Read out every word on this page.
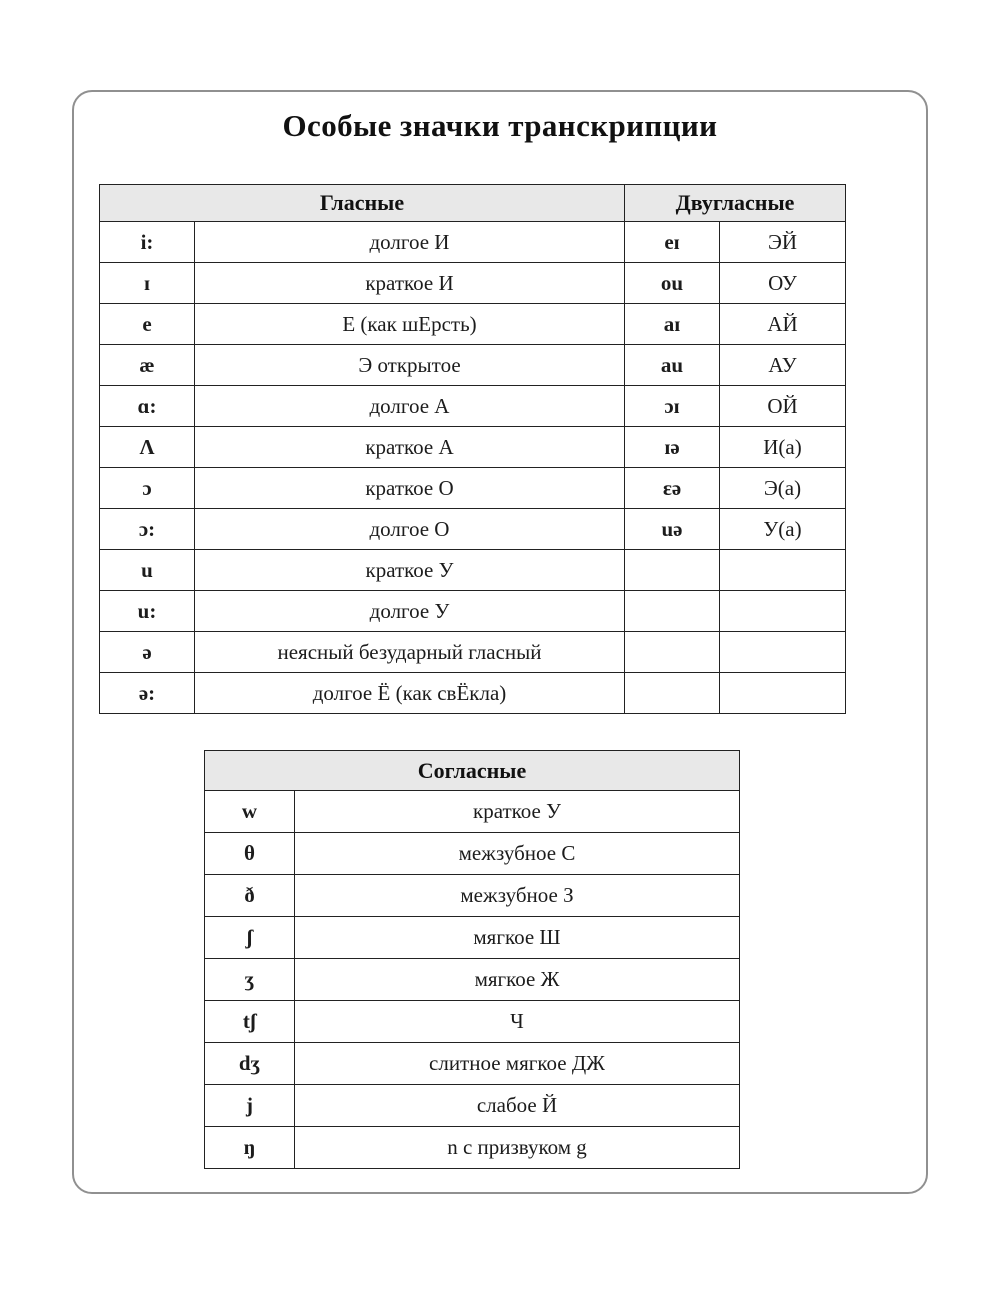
Особые значки транскрипции
Гласные		Двугласные	
i:	долгое И	eɪ	ЭЙ
ɪ	краткое И	ou	ОУ
e	Е (как шЕрсть)	aɪ	АЙ
æ	Э открытое	au	АУ
ɑ:	долгое А	ɔɪ	ОЙ
Λ	краткое А	ɪə	И(а)
ɔ	краткое О	ɛə	Э(а)
ɔ:	долгое О	uə	У(а)
u	краткое У		
u:	долгое У		
ə	неясный безударный гласный		
ə:	долгое Ё (как свЁкла)		
Согласные	
w	краткое У
θ	межзубное С
ð	межзубное З
ʃ	мягкое Ш
ʒ	мягкое Ж
tʃ	Ч
dʒ	слитное мягкое ДЖ
j	слабое Й
ŋ	n с призвуком g
